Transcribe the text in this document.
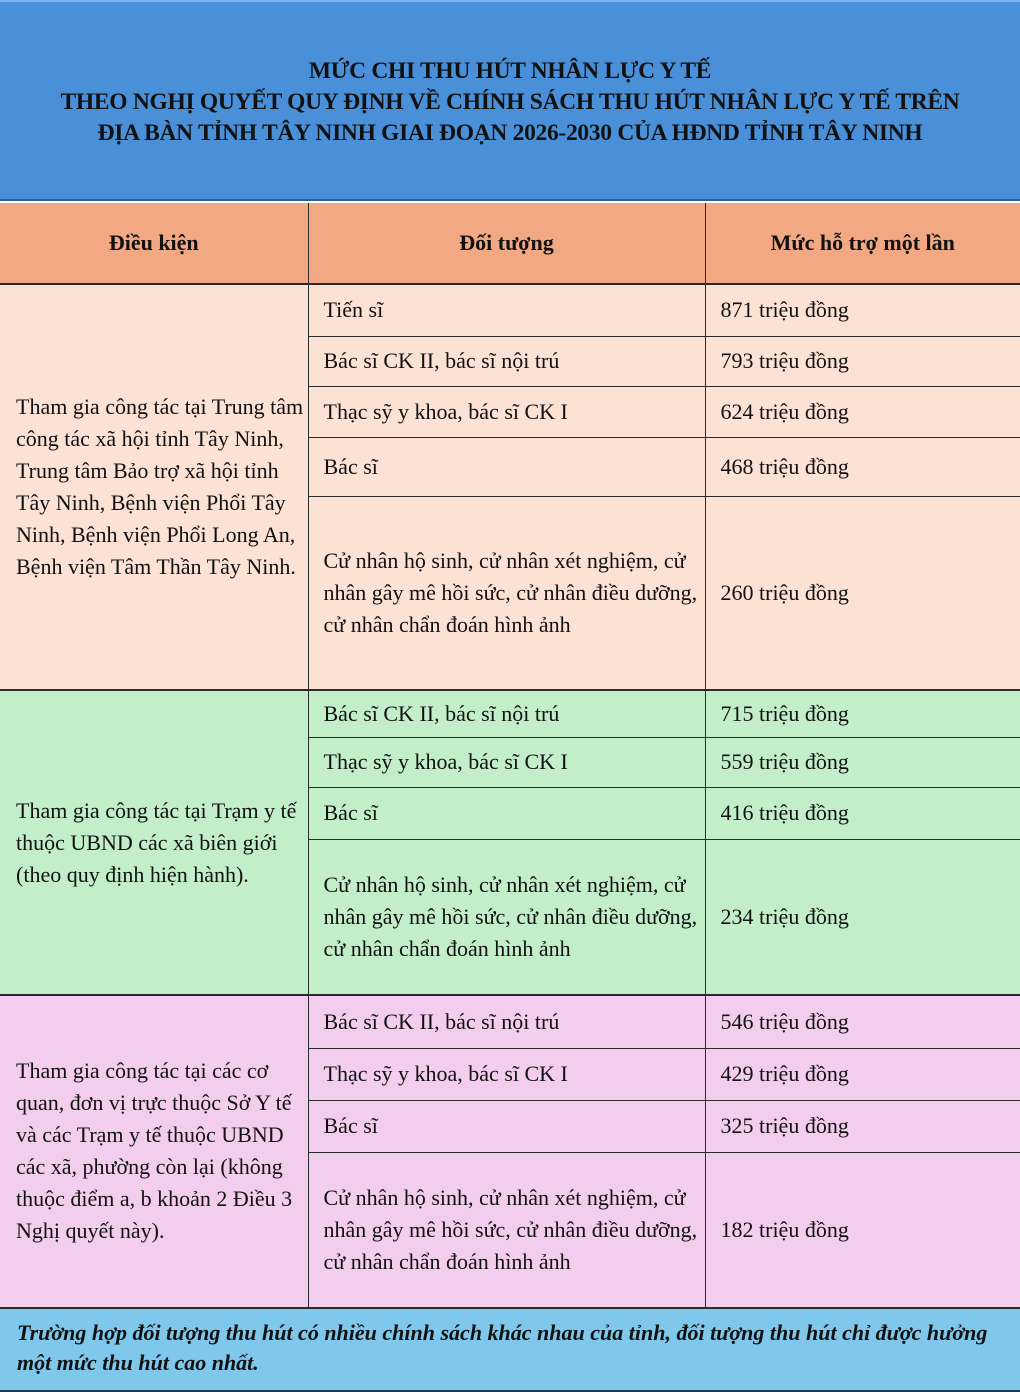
MỨC CHI THU HÚT NHÂN LỰC Y TẾ
THEO NGHỊ QUYẾT QUY ĐỊNH VỀ CHÍNH SÁCH THU HÚT NHÂN LỰC Y TẾ TRÊN
ĐỊA BÀN TỈNH TÂY NINH GIAI ĐOẠN 2026-2030 CỦA HĐND TỈNH TÂY NINH
Điều kiện	Đối tượng	Mức hỗ trợ một lần
Tham gia công tác tại Trung tâm công tác xã hội tỉnh Tây Ninh, Trung tâm Bảo trợ xã hội tỉnh Tây Ninh, Bệnh viện Phổi Tây Ninh, Bệnh viện Phổi Long An, Bệnh viện Tâm Thần Tây Ninh.	Tiến sĩ	871 triệu đồng
	Bác sĩ CK II, bác sĩ nội trú	793 triệu đồng
	Thạc sỹ y khoa, bác sĩ CK I	624 triệu đồng
	Bác sĩ	468 triệu đồng
	Cử nhân hộ sinh, cử nhân xét nghiệm, cử nhân gây mê hồi sức, cử nhân điều dưỡng, cử nhân chẩn đoán hình ảnh	260 triệu đồng
Tham gia công tác tại Trạm y tế thuộc UBND các xã biên giới (theo quy định hiện hành).	Bác sĩ CK II, bác sĩ nội trú	715 triệu đồng
	Thạc sỹ y khoa, bác sĩ CK I	559 triệu đồng
	Bác sĩ	416 triệu đồng
	Cử nhân hộ sinh, cử nhân xét nghiệm, cử nhân gây mê hồi sức, cử nhân điều dưỡng, cử nhân chẩn đoán hình ảnh	234 triệu đồng
Tham gia công tác tại các cơ quan, đơn vị trực thuộc Sở Y tế và các Trạm y tế thuộc UBND các xã, phường còn lại (không thuộc điểm a, b khoản 2 Điều 3 Nghị quyết này).	Bác sĩ CK II, bác sĩ nội trú	546 triệu đồng
	Thạc sỹ y khoa, bác sĩ CK I	429 triệu đồng
	Bác sĩ	325 triệu đồng
	Cử nhân hộ sinh, cử nhân xét nghiệm, cử nhân gây mê hồi sức, cử nhân điều dưỡng, cử nhân chẩn đoán hình ảnh	182 triệu đồng
Trường hợp đối tượng thu hút có nhiều chính sách khác nhau của tỉnh, đối tượng thu hút chỉ được hưởng một mức thu hút cao nhất.
